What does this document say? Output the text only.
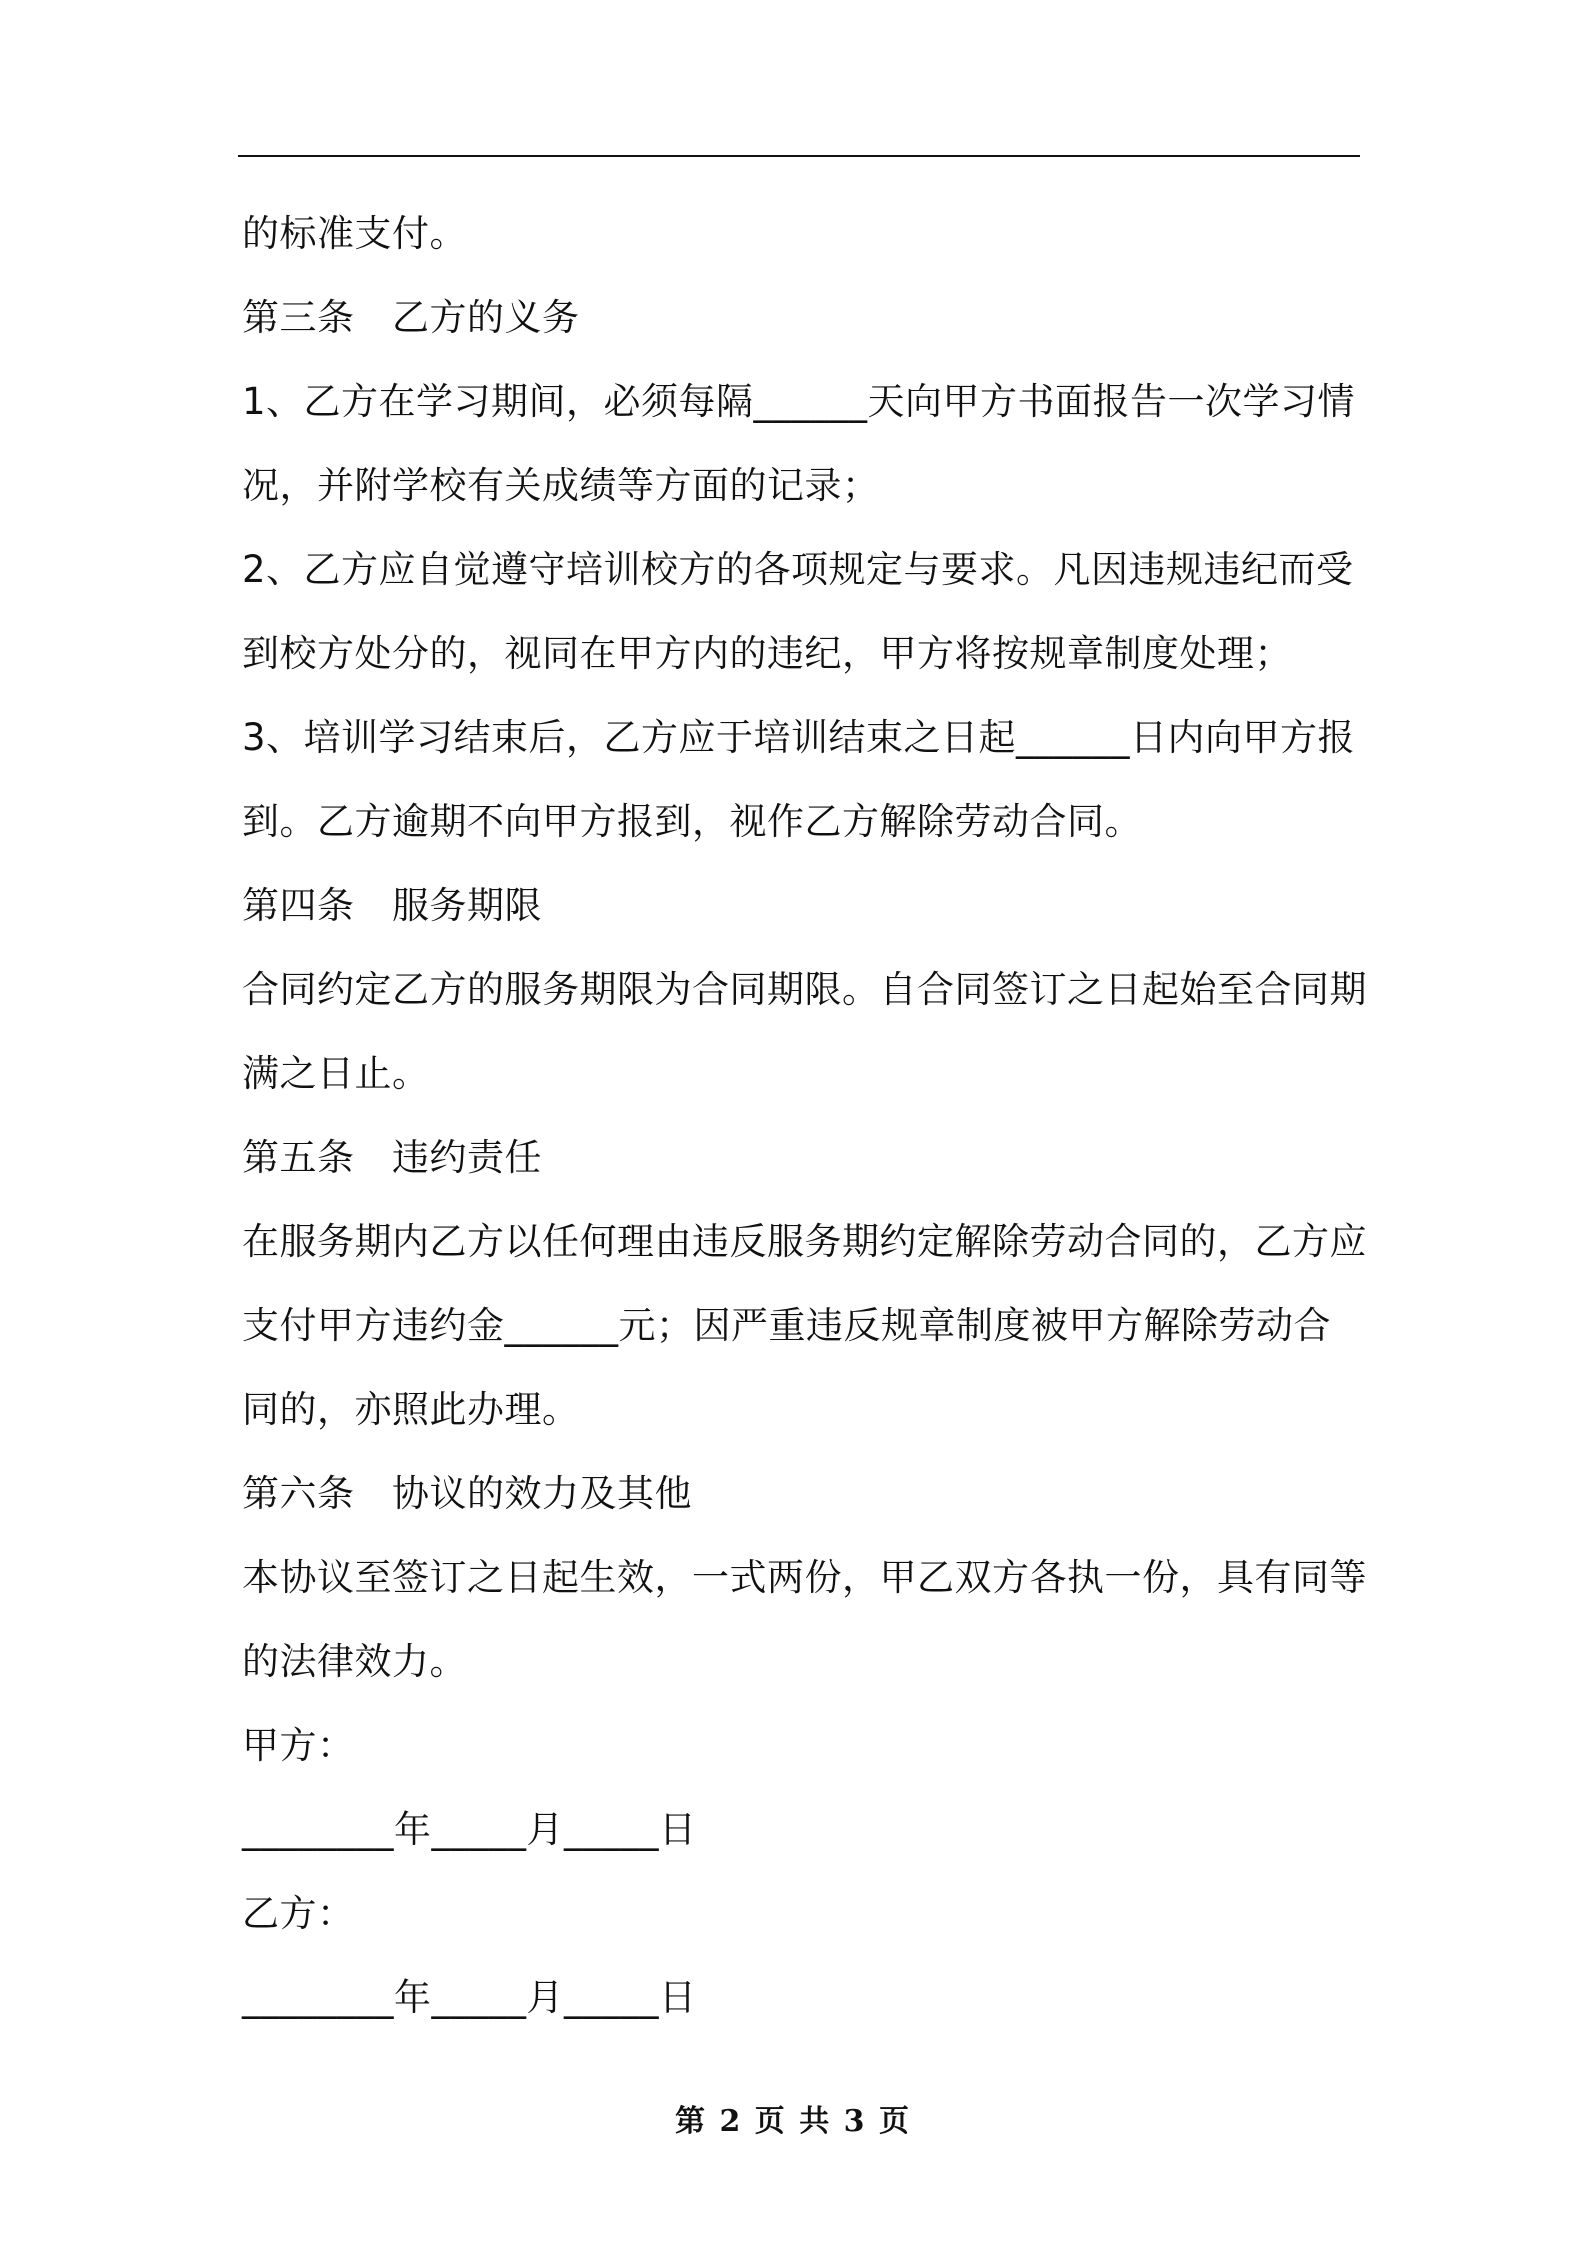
的标准支付。
第三条　乙方的义务
1、乙方在学习期间，必须每隔______天向甲方书面报告一次学习情
况，并附学校有关成绩等方面的记录；
2、乙方应自觉遵守培训校方的各项规定与要求。凡因违规违纪而受
到校方处分的，视同在甲方内的违纪，甲方将按规章制度处理；
3、培训学习结束后，乙方应于培训结束之日起______日内向甲方报
到。乙方逾期不向甲方报到，视作乙方解除劳动合同。
第四条　服务期限
合同约定乙方的服务期限为合同期限。自合同签订之日起始至合同期
满之日止。
第五条　违约责任
在服务期内乙方以任何理由违反服务期约定解除劳动合同的，乙方应
支付甲方违约金______元；因严重违反规章制度被甲方解除劳动合
同的，亦照此办理。
第六条　协议的效力及其他
本协议至签订之日起生效，一式两份，甲乙双方各执一份，具有同等
的法律效力。
甲方：
________年_____月_____日
乙方：
________年_____月_____日
第 2 页 共 3 页
